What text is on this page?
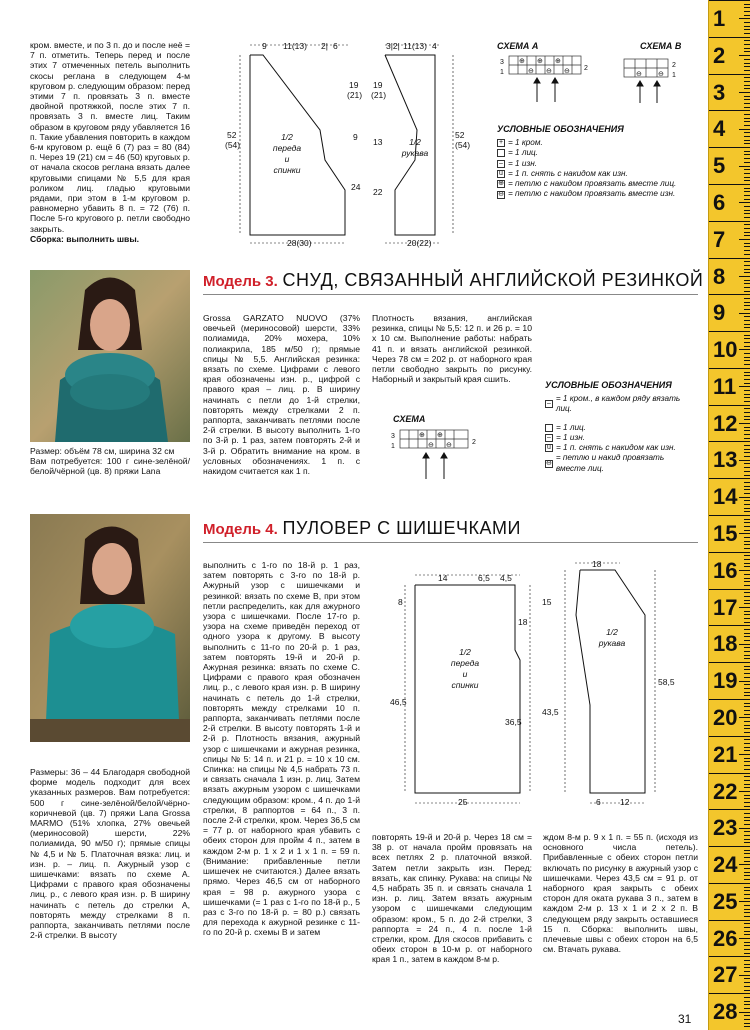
кром. вместе, и по 3 п. до и после неё = 7 п. отметить. Теперь перед и после этих 7 отмеченных петель выполнить скосы реглана в следующем 4-м круговом р. следующим образом: перед этими 7 п. провязать 3 п. вместе двойной протяжкой, после этих 7 п. провязать 3 п. вместе лиц. Таким образом в круговом ряду убавляется 16 п. Такие убавления повторить в каждом 6-м круговом р. ещё 6 (7) раз = 80 (84) п. Через 19 (21) см = 46 (50) круговых р. от начала скосов реглана вязать далее круговыми спицами № 5,5 для края роликом лиц. гладью круговыми рядами, при этом в 1-м круговом р. равномерно убавить 8 п. = 72 (76) п. После 5-го кругового р. петли свободно закрыть.

Сборка: выполнить швы.

9 11(13) 2| 6	3|2| 11(13) 4
19
(21)
9
24
52
(54)
19
(21)
13
22
52
(54)
28(30)	20(22)
1/2
переда
и
спинки
1/2
рукава
СХЕМА А
3
1
2
⊕ ⊕ ⊕
⊖ ⊖ ⊖
СХЕМА В
2
1
⊖ ⊖
УСЛОВНЫЕ ОБОЗНАЧЕНИЯ
+ = 1 кром.
= 1 лиц.
– = 1 изн.
u = 1 п. снять с накидом как изн.
⊕ = петлю с накидом провязать вместе лиц.
⊖ = петлю с накидом провязать вместе изн.
Модель 3. СНУД, СВЯЗАННЫЙ АНГЛИЙСКОЙ РЕЗИНКОЙ

Размер: объём 78 см, ширина 32 см

Вам потребуется: 100 г сине-зелёной/белой/чёрной (цв. 8) пряжи Lana

Grossa GARZATO NUOVO (37% овечьей (мериносовой) шерсти, 33% полиамида, 20% мохера, 10% полиакрила, 185 м/50 г); прямые спицы № 5,5. Английская резинка: вязать по схеме. Цифрами с левого края обозначены изн. р., цифрой с правого края – лиц. р. В ширину начинать с петли до 1-й стрелки, повторять между стрелками 2 п. раппорта, заканчивать петлями после 2-й стрелки. В высоту выполнить 1-го по 3-й р. 1 раз, затем повторять 2-й и 3-й р. Обратить внимание на кром. в условных обозначениях. 1 п. с накидом считается как 1 п.
Плотность вязания, английская резинка, спицы № 5,5: 12 п. и 26 р. = 10 х 10 см. Выполнение работы: набрать 41 п. и вязать английской резинкой. Через 78 см = 202 р. от наборного края петли свободно закрыть по рисунку. Наборный и закрытый края сшить.
СХЕМА
3
1
2
⊕ ⊕
⊖ ⊖
УСЛОВНЫЕ ОБОЗНАЧЕНИЯ
–
= 1 кром., в каждом ряду вязать лиц.
= 1 лиц.
– = 1 изн.
u = 1 п. снять с накидом как изн.
⊖
= петлю и накид провязать вместе лиц.
Модель 4. ПУЛОВЕР С ШИШЕЧКАМИ
Размеры: 36 – 44 Благодаря свободной форме модель подходит для всех указанных размеров. Вам потребуется: 500 г сине-зелёной/белой/чёрно-коричневой (цв. 7) пряжи Lana Grossa MARMO (51% хлопка, 27% овечьей (мериносовой) шерсти, 22% полиамида, 90 м/50 г); прямые спицы № 4,5 и № 5. Платочная вязка: лиц. и изн. р. – лиц. п. Ажурный узор с шишечками: вязать по схеме А. Цифрами с правого края обозначены лиц. р., с левого края изн. р. В ширину начинать с петель до стрелки А, повторять между стрелками 8 п. раппорта, заканчивать петлями после 2-й стрелки. В высоту
выполнить с 1-го по 18-й р. 1 раз, затем повторять с 3-го по 18-й р. Ажурный узор с шишечками и резинкой: вязать по схеме В, при этом петли распределить, как для ажурного узора с шишечками. После 17-го р. узора на схеме приведён переход от одного узора к другому. В высоту выполнить с 11-го по 20-й р. 1 раз, затем повторять 19-й и 20-й р. Ажурная резинка: вязать по схеме С. Цифрами с правого края обозначен лиц. р., с левого края изн. р. В ширину начинать с петель до 1-й стрелки, повторять между стрелками 10 п. раппорта, заканчивать петлями после 2-й стрелки. В высоту повторять 1-й и 2-й р. Плотность вязания, ажурный узор с шишечками и ажурная резинка, спицы № 5: 14 п. и 21 р. = 10 х 10 см. Спинка: на спицы № 4,5 набрать 73 п. и связать сначала 1 изн. р. лиц. Затем вязать ажурным узором с шишечками следующим образом: кром., 4 п. до 1-й стрелки, 8 раппортов = 64 п., 3 п. после 2-й стрелки, кром. Через 36,5 см = 77 р. от наборного края убавить с обеих сторон для пройм 4 п., затем в каждом 2-м р. 1 х 2 и 1 х 1 п. = 59 п. (Внимание: прибавленные петли шишечек не считаются.) Далее вязать прямо. Через 46,5 см от наборного края = 98 р. ажурного узора с шишечками (= 1 раз с 1-го по 18-й р., 5 раз с 3-го по 18-й р. = 80 р.) связать для перехода к ажурной резинке с 11-го по 20-й р. схемы В и затем
повторять 19-й и 20-й р. Через 18 см = 38 р. от начала пройм провязать на всех петлях 2 р. платочной вязкой. Затем петли закрыть изн. Перед: вязать, как спинку. Рукава: на спицы № 4,5 набрать 35 п. и связать сначала 1 изн. р. лиц. Затем вязать ажурным узором с шишечками следующим образом: кром., 5 п. до 2-й стрелки, 3 раппорта = 24 п., 4 п. после 1-й стрелки, кром. Для скосов прибавить с обеих сторон в 10-м р. от наборного края 1 п., затем в каждом 8-м р.
ждом 8-м р. 9 х 1 п. = 55 п. (исходя из основного числа петель). Прибавленные с обеих сторон петли включать по рисунку в ажурный узор с шишечками. Через 43,5 см = 91 р. от наборного края закрыть с обеих сторон для оката рукава 3 п., затем в каждом 2-м р. 13 х 1 и 2 х 2 п. В следующем ряду закрыть оставшиеся 15 п. Сборка: выполнить швы, плечевые швы с обеих сторон на 6,5 см. Втачать рукава.
14	6,5 4,5
8
18
46,5
36,5
25
18
15
58,5
43,5
6 12
1/2
переда
и
спинки
1/2
рукава
31
1
2
3
4
5
6
7
8
9
10
11
12
13
14
15
16
17
18
19
20
21
22
23
24
25
26
27
28
